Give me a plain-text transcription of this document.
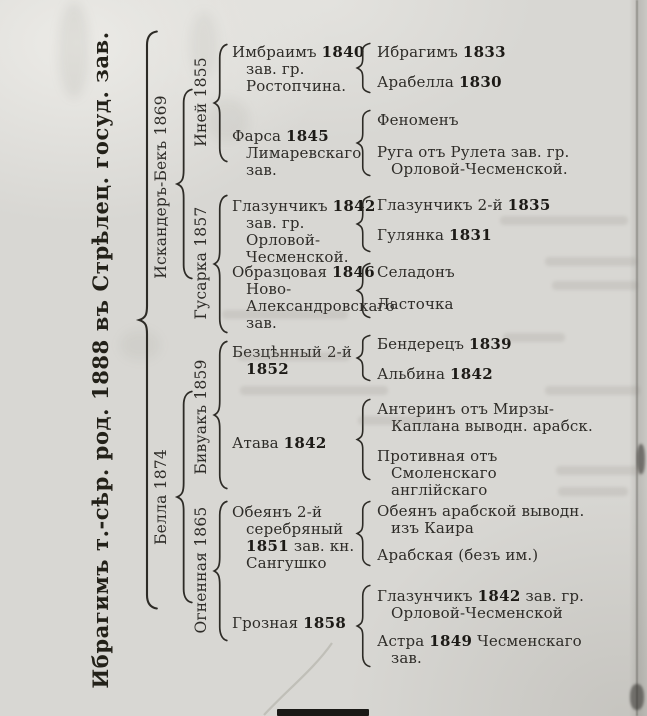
Ибрагимъ т.-сѣр. род. 1888 въ Стрѣлец. госуд. зав.	Искандеръ-Бекъ 1869
Белла 1874
Иней 1855
Гусарка 1857
Бивуакъ 1859
Огненная 1865
Имбраимъ 1840 зав. гр. Ростопчина.
Ибрагимъ 1833
Арабелла 1830
Фарса 1845 Лимаревскаго зав.
Феноменъ
Руга отъ Рулета зав. гр. Орловой-Чесменской.
Глазунчикъ 1842 зав. гр. Орловой-Чесменской.
Глазунчикъ 2-й 1835
Гулянка 1831
Образцовая 1846 Ново-Александровскаго зав.
Селадонъ
Ласточка
Безцѣнный 2-й 1852
Бендерецъ 1839
Альбина 1842
Атава 1842
Антеринъ отъ Мирзы-Каплана выводн. арабск.
Противная отъ Смоленскаго англійскаго
Обеянъ 2-й серебряный 1851 зав. кн. Сангушко
Обеянъ арабской выводн. изъ Каира
Арабская (безъ им.)
Грозная 1858
Глазунчикъ 1842 зав. гр. Орловой-Чесменской
Астра 1849 Чесменскаго зав.
